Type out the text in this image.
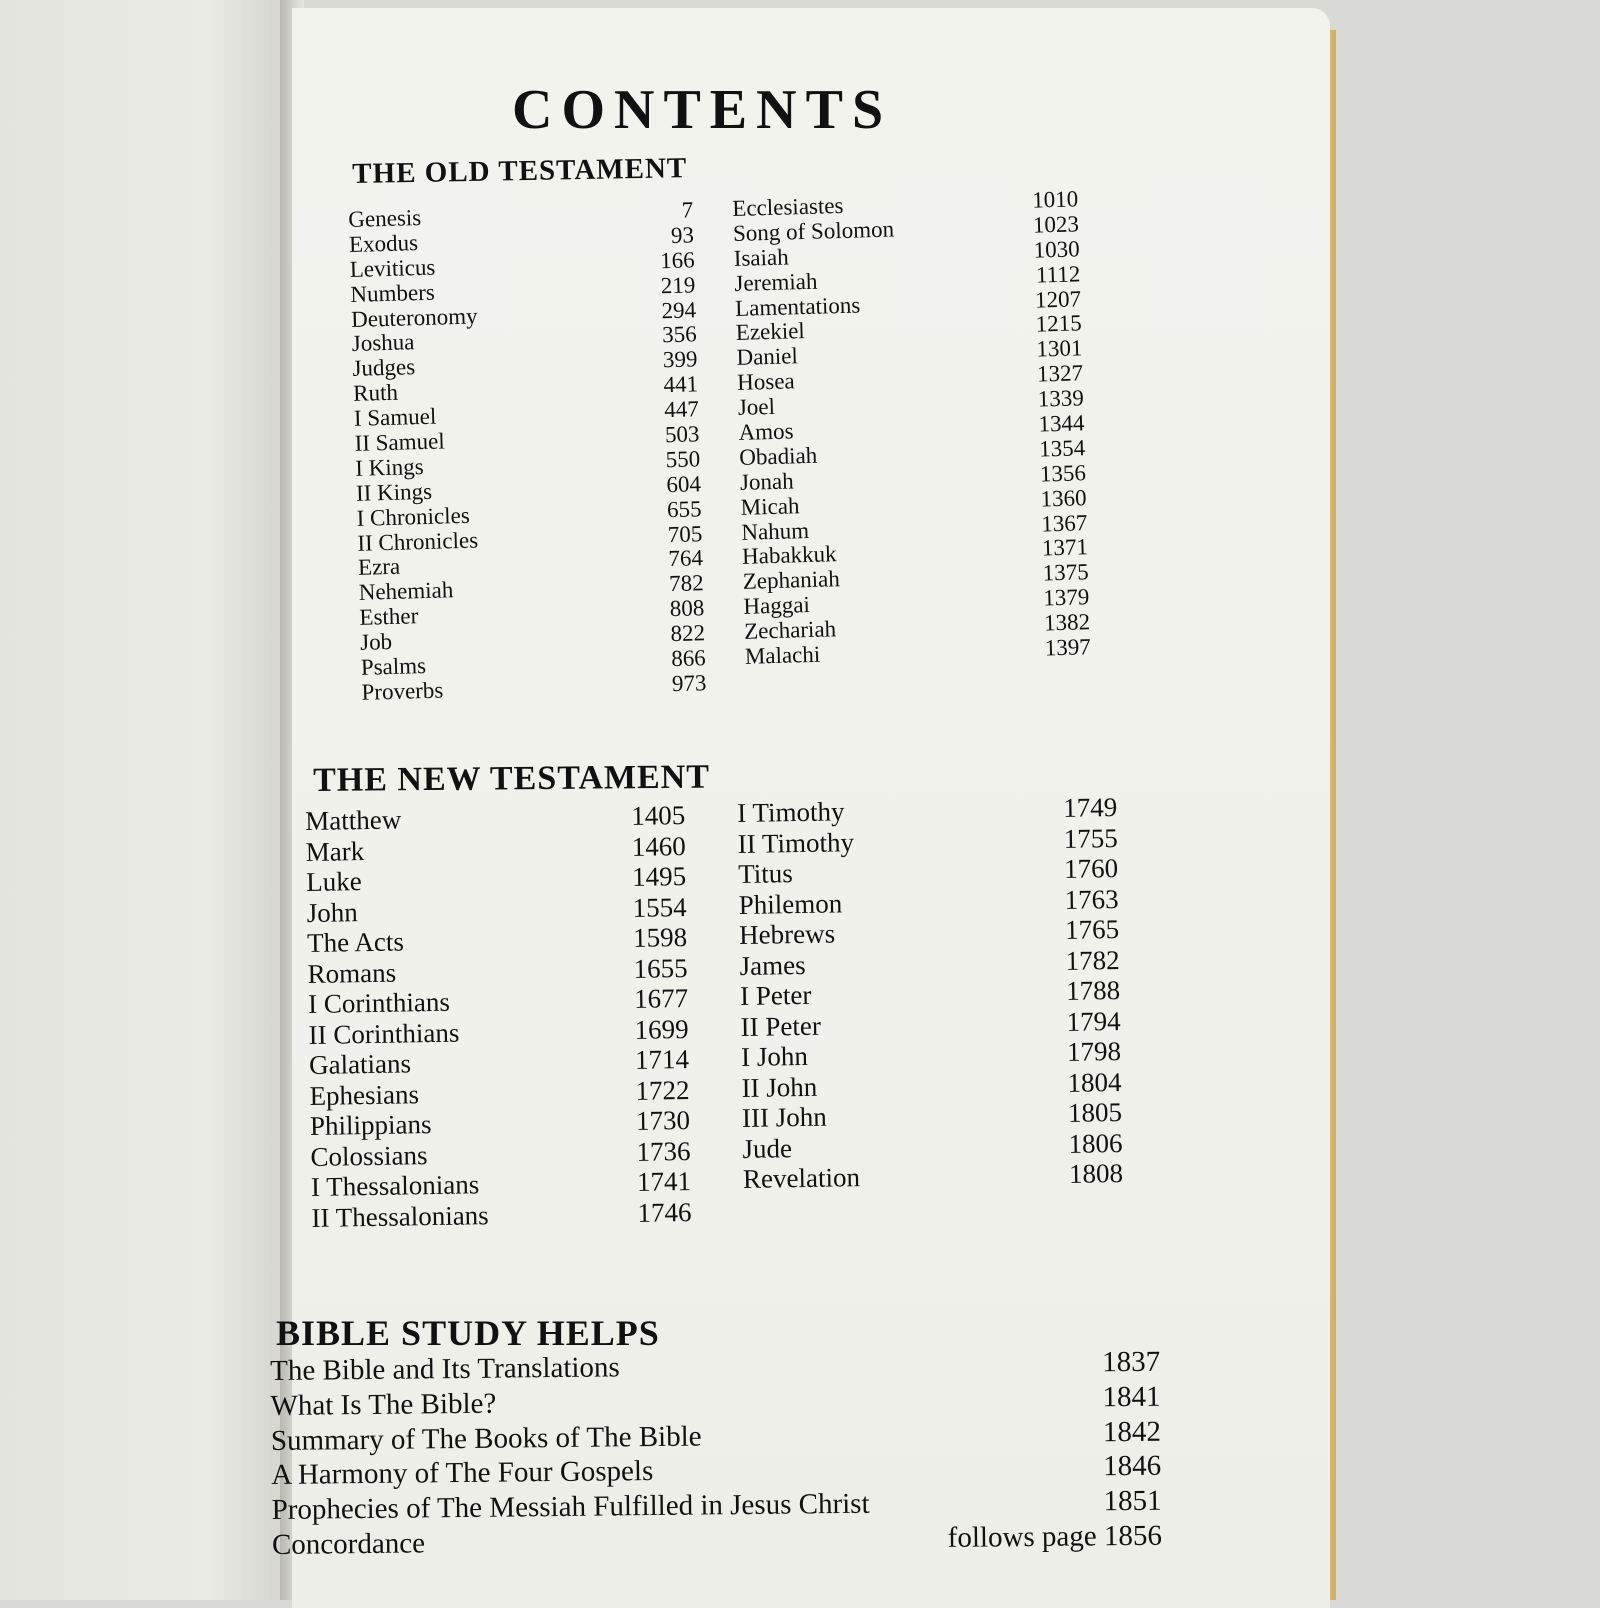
CONTENTS
THE OLD TESTAMENT
Genesis	7
Exodus	93
Leviticus	166
Numbers	219
Deuteronomy	294
Joshua	356
Judges	399
Ruth	441
I Samuel	447
II Samuel	503
I Kings	550
II Kings	604
I Chronicles	655
II Chronicles	705
Ezra	764
Nehemiah	782
Esther	808
Job	822
Psalms	866
Proverbs	973
Ecclesiastes	1010
Song of Solomon	1023
Isaiah	1030
Jeremiah	1112
Lamentations	1207
Ezekiel	1215
Daniel	1301
Hosea	1327
Joel	1339
Amos	1344
Obadiah	1354
Jonah	1356
Micah	1360
Nahum	1367
Habakkuk	1371
Zephaniah	1375
Haggai	1379
Zechariah	1382
Malachi	1397
THE NEW TESTAMENT
Matthew	1405
Mark	1460
Luke	1495
John	1554
The Acts	1598
Romans	1655
I Corinthians	1677
II Corinthians	1699
Galatians	1714
Ephesians	1722
Philippians	1730
Colossians	1736
I Thessalonians	1741
II Thessalonians	1746
I Timothy	1749
II Timothy	1755
Titus	1760
Philemon	1763
Hebrews	1765
James	1782
I Peter	1788
II Peter	1794
I John	1798
II John	1804
III John	1805
Jude	1806
Revelation	1808
BIBLE STUDY HELPS
The Bible and Its Translations	1837
What Is The Bible?	1841
Summary of The Books of The Bible	1842
A Harmony of The Four Gospels	1846
Prophecies of The Messiah Fulfilled in Jesus Christ	1851
Concordance	follows page 1856
